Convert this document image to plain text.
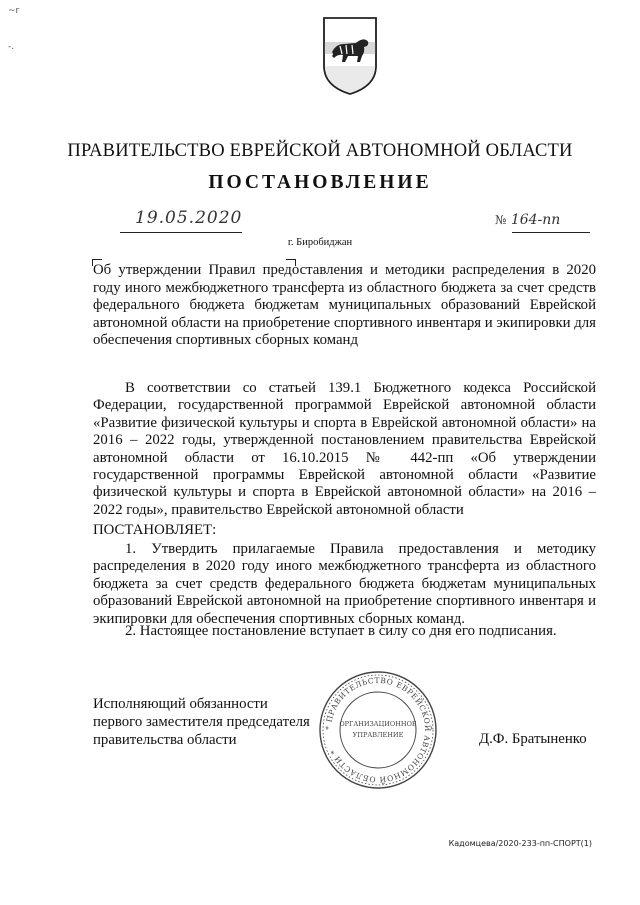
~r
-.
ПРАВИТЕЛЬСТВО ЕВРЕЙСКОЙ АВТОНОМНОЙ ОБЛАСТИ
ПОСТАНОВЛЕНИЕ
19.05.2020	№ 164-пп
г. Биробиджан
Об утверждении Правил предоставления и методики распределения в 2020 году иного межбюджетного трансферта из областного бюджета за счет средств федерального бюджета бюджетам муниципальных образований Еврейской автономной области на приобретение спортивного инвентаря и экипировки для обеспечения спортивных сборных команд
В соответствии со статьей 139.1 Бюджетного кодекса Российской Федерации, государственной программой Еврейской автономной области «Развитие физической культуры и спорта в Еврейской автономной области» на 2016 – 2022 годы, утвержденной постановлением правительства Еврейской автономной области от 16.10.2015 № 442-пп «Об утверждении государственной программы Еврейской автономной области «Развитие физической культуры и спорта в Еврейской автономной области» на 2016 – 2022 годы», правительство Еврейской автономной области
ПОСТАНОВЛЯЕТ:
1. Утвердить прилагаемые Правила предоставления и методику распределения в 2020 году иного межбюджетного трансферта из областного бюджета за счет средств федерального бюджета бюджетам муниципальных образований Еврейской автономной на приобретение спортивного инвентаря и экипировки для обеспечения спортивных сборных команд.
2. Настоящее постановление вступает в силу со дня его подписания.
Исполняющий обязанности
первого заместителя председателя
правительства области
* ПРАВИТЕЛЬСТВО ЕВРЕЙСКОЙ АВТОНОМНОЙ ОБЛАСТИ *
ОРГАНИЗАЦИОННОЕ
УПРАВЛЕНИЕ	Д.Ф. Братыненко
Кадомцева/2020-233-пп-СПОРТ(1)
